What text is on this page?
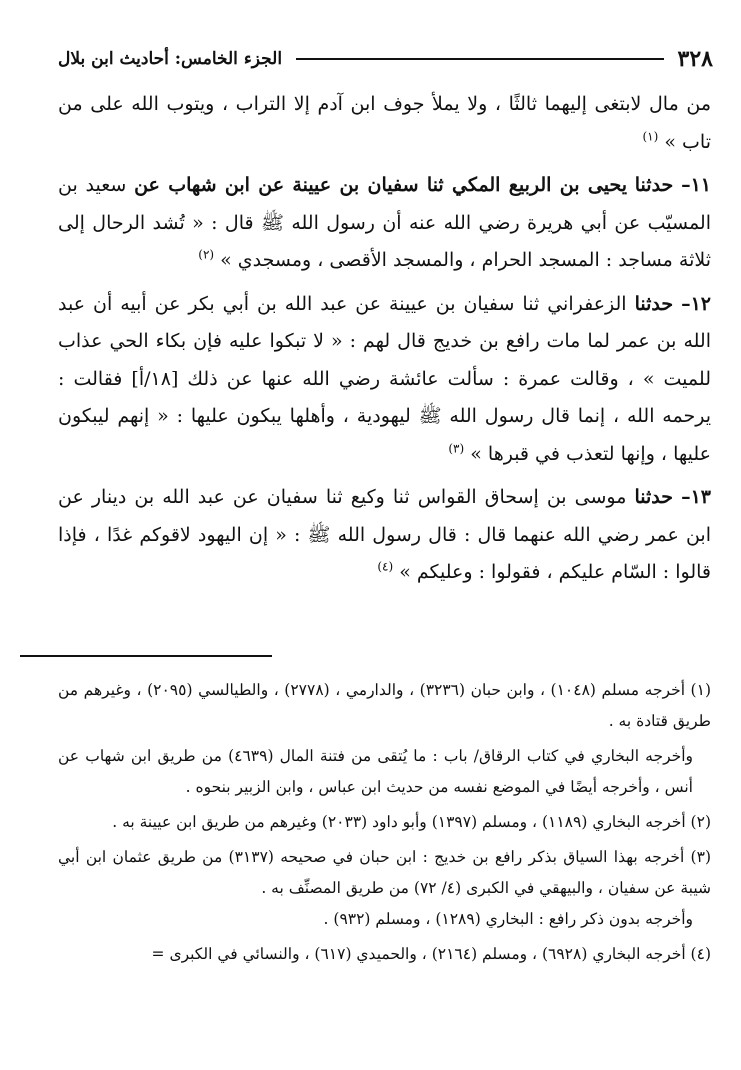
٣٢٨
الجزء الخامس: أحاديث ابن بلال

من مال لابتغى إليهما ثالثًا ، ولا يملأ جوف ابن آدم إلا التراب ، ويتوب الله على من تاب » $^{(١)}$

١١– حدثنا يحيى بن الربيع المكي ثنا سفيان بن عيينة عن ابن شهاب عن سعيد بن المسيّب عن أبي هريرة رضي الله عنه أن رسول الله ﷺ قال : « تُشد الرحال إلى ثلاثة مساجد : المسجد الحرام ، والمسجد الأقصى ، ومسجدي » $^{(٢)}$

١٢– حدثنا الزعفراني ثنا سفيان بن عيينة عن عبد الله بن أبي بكر عن أبيه أن عبد الله بن عمر لما مات رافع بن خديج قال لهم : « لا تبكوا عليه فإن بكاء الحي عذاب للميت » ، وقالت عمرة : سألت عائشة رضي الله عنها عن ذلك [١٨/أ] فقالت : يرحمه الله ، إنما قال رسول الله ﷺ ليهودية ، وأهلها يبكون عليها : « إنهم ليبكون عليها ، وإنها لتعذب في قبرها » $^{(٣)}$

١٣– حدثنا موسى بن إسحاق القواس ثنا وكيع ثنا سفيان عن عبد الله بن دينار عن ابن عمر رضي الله عنهما قال : قال رسول الله ﷺ : « إن اليهود لاقوكم غدًا ، فإذا قالوا : السّام عليكم ، فقولوا : وعليكم » $^{(٤)}$

(١) أخرجه مسلم (١٠٤٨) ، وابن حبان (٣٢٣٦) ، والدارمي ، (٢٧٧٨) ، والطيالسي (٢٠٩٥) ، وغيرهم من طريق قتادة به .

وأخرجه البخاري في كتاب الرقاق/ باب : ما يُتقى من فتنة المال (٤٦٣٩) من طريق ابن شهاب عن أنس ، وأخرجه أيضًا في الموضع نفسه من حديث ابن عباس ، وابن الزبير بنحوه .

(٢) أخرجه البخاري (١١٨٩) ، ومسلم (١٣٩٧) وأبو داود (٢٠٣٣) وغيرهم من طريق ابن عيينة به .

(٣) أخرجه بهذا السياق بذكر رافع بن خديج : ابن حبان في صحيحه (٣١٣٧) من طريق عثمان ابن أبي شيبة عن سفيان ، والبيهقي في الكبرى (٤/ ٧٢) من طريق المصنِّف به .

وأخرجه بدون ذكر رافع : البخاري (١٢٨٩) ، ومسلم (٩٣٢) .

(٤) أخرجه البخاري (٦٩٢٨) ، ومسلم (٢١٦٤) ، والحميدي (٦١٧) ، والنسائي في الكبرى =
